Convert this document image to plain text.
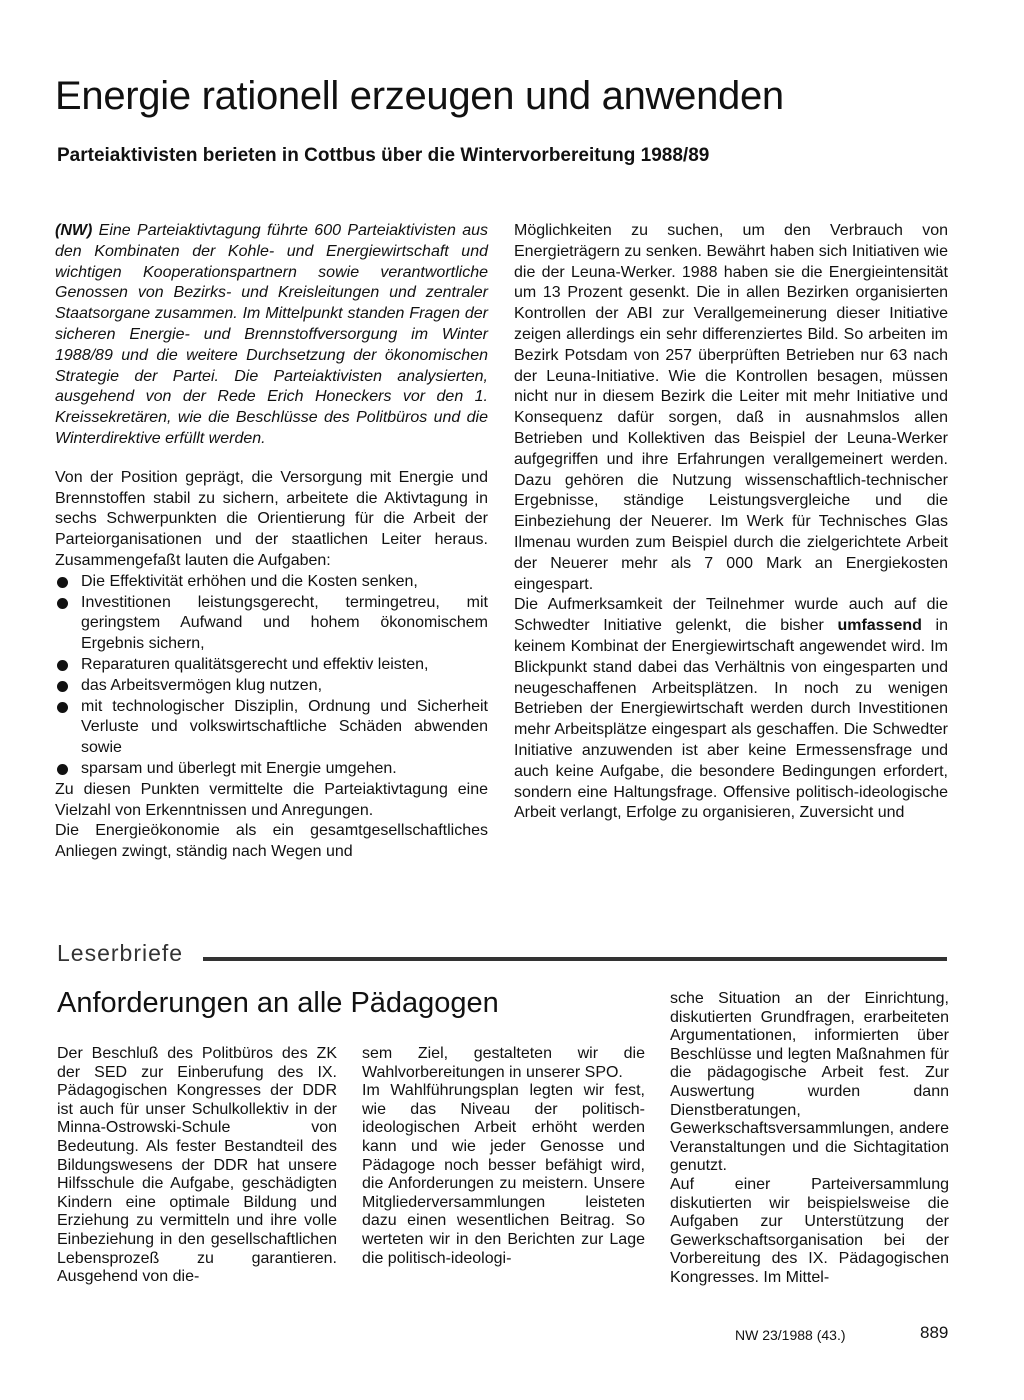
Energie rationell erzeugen und anwenden
Parteiaktivisten berieten in Cottbus über die Wintervorbereitung 1988/89

(NW) Eine Parteiaktivtagung führte 600 Parteiaktivisten aus den Kombinaten der Kohle- und Energiewirtschaft und wichtigen Kooperationspartnern sowie verantwortliche Genossen von Bezirks- und Kreisleitungen und zentraler Staatsorgane zusammen. Im Mittelpunkt standen Fragen der sicheren Energie- und Brennstoffversorgung im Winter 1988/89 und die weitere Durchsetzung der ökonomischen Strategie der Partei. Die Parteiaktivisten analysierten, ausgehend von der Rede Erich Honeckers vor den 1. Kreissekretären, wie die Beschlüsse des Politbüros und die Winterdirektive erfüllt werden.

Von der Position geprägt, die Versorgung mit Energie und Brennstoffen stabil zu sichern, arbeitete die Aktivtagung in sechs Schwerpunkten die Orientierung für die Arbeit der Parteiorganisationen und der staatlichen Leiter heraus. Zusammengefaßt lauten die Aufgaben:

Die Effektivität erhöhen und die Kosten senken,
Investitionen leistungsgerecht, termingetreu, mit geringstem Aufwand und hohem ökonomischem Ergebnis sichern,
Reparaturen qualitätsgerecht und effektiv leisten,
das Arbeitsvermögen klug nutzen,
mit technologischer Disziplin, Ordnung und Sicherheit Verluste und volkswirtschaftliche Schäden abwenden sowie
sparsam und überlegt mit Energie umgehen.

Zu diesen Punkten vermittelte die Parteiaktivtagung eine Vielzahl von Erkenntnissen und Anregungen.

Die Energieökonomie als ein gesamtgesellschaftliches Anliegen zwingt, ständig nach Wegen und

Möglichkeiten zu suchen, um den Verbrauch von Energieträgern zu senken. Bewährt haben sich Initiativen wie die der Leuna-Werker. 1988 haben sie die Energieintensität um 13 Prozent gesenkt. Die in allen Bezirken organisierten Kontrollen der ABI zur Verallgemeinerung dieser Initiative zeigen allerdings ein sehr differenziertes Bild. So arbeiten im Bezirk Potsdam von 257 überprüften Betrieben nur 63 nach der Leuna-Initiative. Wie die Kontrollen besagen, müssen nicht nur in diesem Bezirk die Leiter mit mehr Initiative und Konsequenz dafür sorgen, daß in ausnahmslos allen Betrieben und Kollektiven das Beispiel der Leuna-Werker aufgegriffen und ihre Erfahrungen verallgemeinert werden. Dazu gehören die Nutzung wissenschaftlich-technischer Ergebnisse, ständige Leistungsvergleiche und die Einbeziehung der Neuerer. Im Werk für Technisches Glas Ilmenau wurden zum Beispiel durch die zielgerichtete Arbeit der Neuerer mehr als 7 000 Mark an Energiekosten eingespart.

Die Aufmerksamkeit der Teilnehmer wurde auch auf die Schwedter Initiative gelenkt, die bisher umfassend in keinem Kombinat der Energiewirtschaft angewendet wird. Im Blickpunkt stand dabei das Verhältnis von eingesparten und neugeschaffenen Arbeitsplätzen. In noch zu wenigen Betrieben der Energiewirtschaft werden durch Investitionen mehr Arbeitsplätze eingespart als geschaffen. Die Schwedter Initiative anzuwenden ist aber keine Ermessensfrage und auch keine Aufgabe, die besondere Bedingungen erfordert, sondern eine Haltungsfrage. Offensive politisch-ideologische Arbeit verlangt, Erfolge zu organisieren, Zuversicht und

Leserbriefe
Anforderungen an alle Pädagogen

Der Beschluß des Politbüros des ZK der SED zur Einberufung des IX. Pädagogischen Kongresses der DDR ist auch für unser Schulkollektiv in der Minna-Ostrowski-Schule von Bedeutung. Als fester Bestandteil des Bildungswesens der DDR hat unsere Hilfsschule die Aufgabe, geschädigten Kindern eine optimale Bildung und Erziehung zu vermitteln und ihre volle Einbeziehung in den gesellschaftlichen Lebensprozeß zu garantieren. Ausgehend von die-

sem Ziel, gestalteten wir die Wahlvorbereitungen in unserer SPO.

Im Wahlführungsplan legten wir fest, wie das Niveau der politisch-ideologischen Arbeit erhöht werden kann und wie jeder Genosse und Pädagoge noch besser befähigt wird, die Anforderungen zu meistern. Unsere Mitgliederversammlungen leisteten dazu einen wesentlichen Beitrag. So werteten wir in den Berichten zur Lage die politisch-ideologi-

sche Situation an der Einrichtung, diskutierten Grundfragen, erarbeiteten Argumentationen, informierten über Beschlüsse und legten Maßnahmen für die pädagogische Arbeit fest. Zur Auswertung wurden dann Dienstberatungen, Gewerkschaftsversammlungen, andere Veranstaltungen und die Sichtagitation genutzt.

Auf einer Parteiversammlung diskutierten wir beispielsweise die Aufgaben zur Unterstützung der Gewerkschaftsorganisation bei der Vorbereitung des IX. Pädagogischen Kongresses. Im Mittel-

NW 23/1988 (43.)	889
